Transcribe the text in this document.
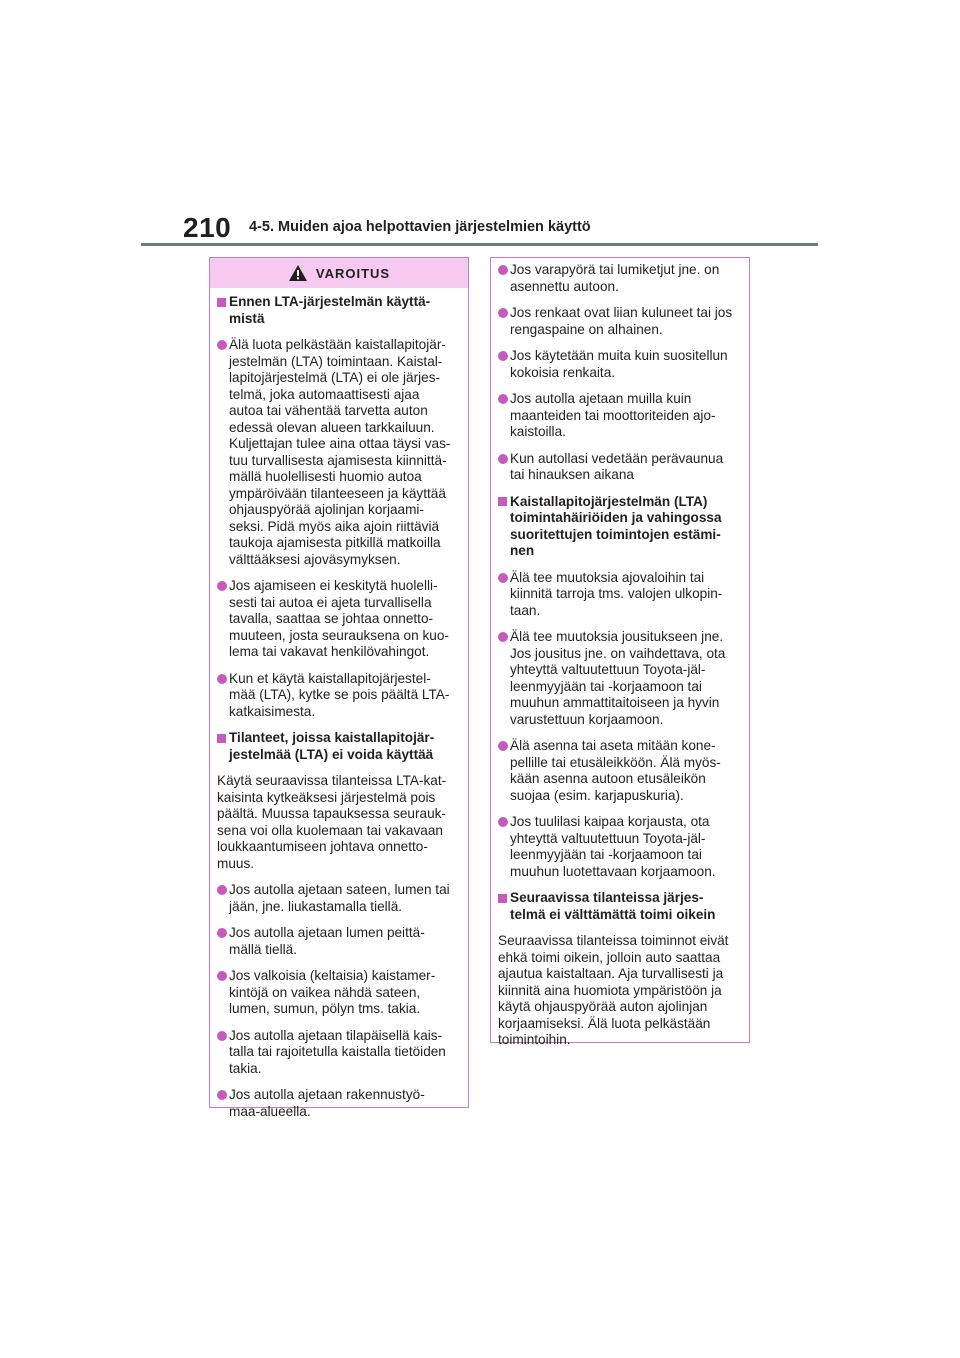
210 4-5. Muiden ajoa helpottavien järjestelmien käyttö
VAROITUS
Ennen LTA-järjestelmän käyttä-
mistä
Älä luota pelkästään kaistallapitojär-
jestelmän (LTA) toimintaan. Kaistal-
lapitojärjestelmä (LTA) ei ole järjes-
telmä, joka automaattisesti ajaa
autoa tai vähentää tarvetta auton
edessä olevan alueen tarkkailuun.
Kuljettajan tulee aina ottaa täysi vas-
tuu turvallisesta ajamisesta kiinnittä-
mällä huolellisesti huomio autoa
ympäröivään tilanteeseen ja käyttää
ohjauspyörää ajolinjan korjaami-
seksi. Pidä myös aika ajoin riittäviä
taukoja ajamisesta pitkillä matkoilla
välttääksesi ajoväsymyksen.
Jos ajamiseen ei keskitytä huolelli-
sesti tai autoa ei ajeta turvallisella
tavalla, saattaa se johtaa onnetto-
muuteen, josta seurauksena on kuo-
lema tai vakavat henkilövahingot.
Kun et käytä kaistallapitojärjestel-
mää (LTA), kytke se pois päältä LTA-
katkaisimesta.
Tilanteet, joissa kaistallapitojär-
jestelmää (LTA) ei voida käyttää
Käytä seuraavissa tilanteissa LTA-kat-
kaisinta kytkeäksesi järjestelmä pois
päältä. Muussa tapauksessa seurauk-
sena voi olla kuolemaan tai vakavaan
loukkaantumiseen johtava onnetto-
muus.
Jos autolla ajetaan sateen, lumen tai
jään, jne. liukastamalla tiellä.
Jos autolla ajetaan lumen peittä-
mällä tiellä.
Jos valkoisia (keltaisia) kaistamer-
kintöjä on vaikea nähdä sateen,
lumen, sumun, pölyn tms. takia.
Jos autolla ajetaan tilapäisellä kais-
talla tai rajoitetulla kaistalla tietöiden
takia.
Jos autolla ajetaan rakennustyö-
maa-alueella.
Jos varapyörä tai lumiketjut jne. on
asennettu autoon.
Jos renkaat ovat liian kuluneet tai jos
rengaspaine on alhainen.
Jos käytetään muita kuin suositellun
kokoisia renkaita.
Jos autolla ajetaan muilla kuin
maanteiden tai moottoriteiden ajo-
kaistoilla.
Kun autollasi vedetään perävaunua
tai hinauksen aikana
Kaistallapitojärjestelmän (LTA)
toimintahäiriöiden ja vahingossa
suoritettujen toimintojen estämi-
nen
Älä tee muutoksia ajovaloihin tai
kiinnitä tarroja tms. valojen ulkopin-
taan.
Älä tee muutoksia jousitukseen jne.
Jos jousitus jne. on vaihdettava, ota
yhteyttä valtuutettuun Toyota-jäl-
leenmyyjään tai -korjaamoon tai
muuhun ammattitaitoiseen ja hyvin
varustettuun korjaamoon.
Älä asenna tai aseta mitään kone-
pellille tai etusäleikköön. Älä myös-
kään asenna autoon etusäleikön
suojaa (esim. karjapuskuria).
Jos tuulilasi kaipaa korjausta, ota
yhteyttä valtuutettuun Toyota-jäl-
leenmyyjään tai -korjaamoon tai
muuhun luotettavaan korjaamoon.
Seuraavissa tilanteissa järjes-
telmä ei välttämättä toimi oikein
Seuraavissa tilanteissa toiminnot eivät
ehkä toimi oikein, jolloin auto saattaa
ajautua kaistaltaan. Aja turvallisesti ja
kiinnitä aina huomiota ympäristöön ja
käytä ohjauspyörää auton ajolinjan
korjaamiseksi. Älä luota pelkästään
toimintoihin.
